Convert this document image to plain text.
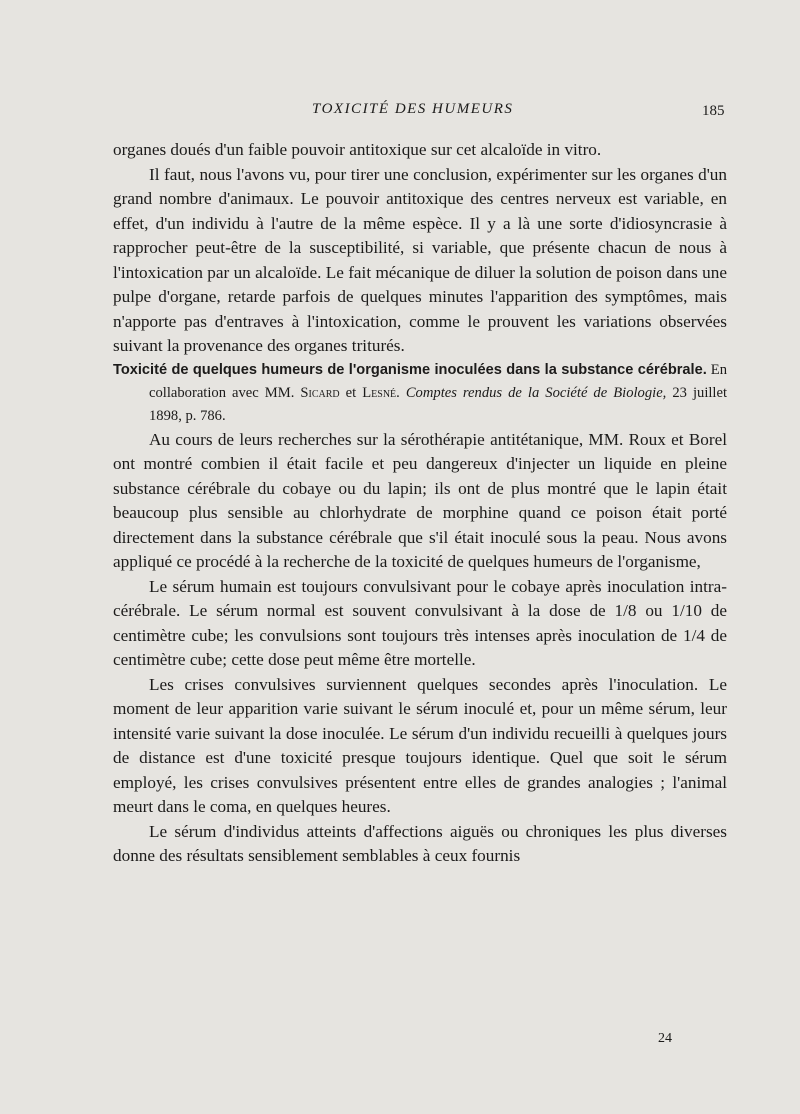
TOXICITÉ DES HUMEURS	185

organes doués d'un faible pouvoir antitoxique sur cet alcaloïde in vitro.

Il faut, nous l'avons vu, pour tirer une conclusion, expérimenter sur les organes d'un grand nombre d'animaux. Le pouvoir antitoxique des centres nerveux est variable, en effet, d'un individu à l'autre de la même espèce. Il y a là une sorte d'idiosyncrasie à rapprocher peut-être de la susceptibilité, si variable, que présente chacun de nous à l'intoxication par un alcaloïde. Le fait mécanique de diluer la solution de poison dans une pulpe d'organe, retarde parfois de quelques minutes l'apparition des symptômes, mais n'apporte pas d'entraves à l'intoxication, comme le prouvent les variations observées suivant la provenance des organes triturés.

Toxicité de quelques humeurs de l'organisme inoculées dans la substance cérébrale. En collaboration avec MM. Sicard et Lesné. Comptes rendus de la Société de Biologie, 23 juillet 1898, p. 786.

Au cours de leurs recherches sur la sérothérapie antitétanique, MM. Roux et Borel ont montré combien il était facile et peu dangereux d'injecter un liquide en pleine substance cérébrale du cobaye ou du lapin; ils ont de plus montré que le lapin était beaucoup plus sensible au chlorhydrate de morphine quand ce poison était porté directement dans la substance cérébrale que s'il était inoculé sous la peau. Nous avons appliqué ce procédé à la recherche de la toxicité de quelques humeurs de l'organisme,

Le sérum humain est toujours convulsivant pour le cobaye après inoculation intra-cérébrale. Le sérum normal est souvent convulsivant à la dose de 1/8 ou 1/10 de centimètre cube; les convulsions sont toujours très intenses après inoculation de 1/4 de centimètre cube; cette dose peut même être mortelle.

Les crises convulsives surviennent quelques secondes après l'inoculation. Le moment de leur apparition varie suivant le sérum inoculé et, pour un même sérum, leur intensité varie suivant la dose inoculée. Le sérum d'un individu recueilli à quelques jours de distance est d'une toxicité presque toujours identique. Quel que soit le sérum employé, les crises convulsives présentent entre elles de grandes analogies ; l'animal meurt dans le coma, en quelques heures.

Le sérum d'individus atteints d'affections aiguës ou chroniques les plus diverses donne des résultats sensiblement semblables à ceux fournis

24
